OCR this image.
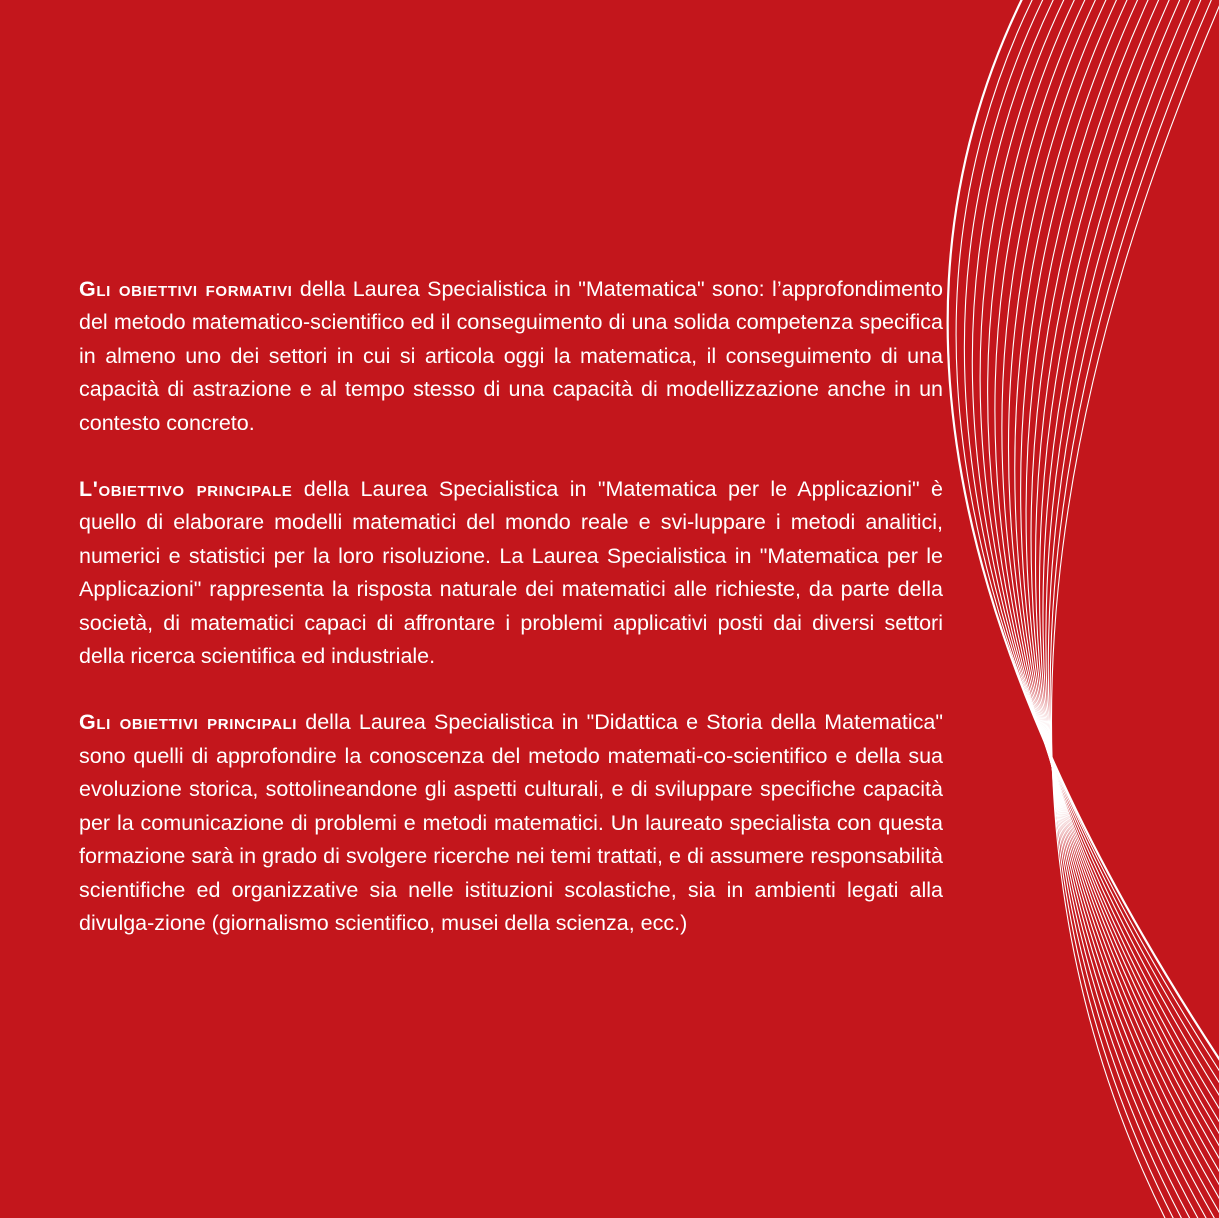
Gli obiettivi formativi della Laurea Specialistica in "Matematica" sono: l’approfondimento del metodo matematico-scientifico ed il conseguimento di una solida competenza specifica in almeno uno dei settori in cui si articola oggi la matematica, il conseguimento di una capacità di astrazione e al tempo stesso di una capacità di modellizzazione anche in un contesto concreto.

L'obiettivo principale della Laurea Specialistica in "Matematica per le Applicazioni" è quello di elaborare modelli matematici del mondo reale e svi-luppare i metodi analitici, numerici e statistici per la loro risoluzione. La Laurea Specialistica in "Matematica per le Applicazioni" rappresenta la risposta naturale dei matematici alle richieste, da parte della società, di matematici capaci di affrontare i problemi applicativi posti dai diversi settori della ricerca scientifica ed industriale.

Gli obiettivi principali della Laurea Specialistica in "Didattica e Storia della Matematica" sono quelli di approfondire la conoscenza del metodo matemati-co-scientifico e della sua evoluzione storica, sottolineandone gli aspetti culturali, e di sviluppare specifiche capacità per la comunicazione di problemi e metodi matematici. Un laureato specialista con questa formazione sarà in grado di svolgere ricerche nei temi trattati, e di assumere responsabilità scientifiche ed organizzative sia nelle istituzioni scolastiche, sia in ambienti legati alla divulga-zione (giornalismo scientifico, musei della scienza, ecc.)
